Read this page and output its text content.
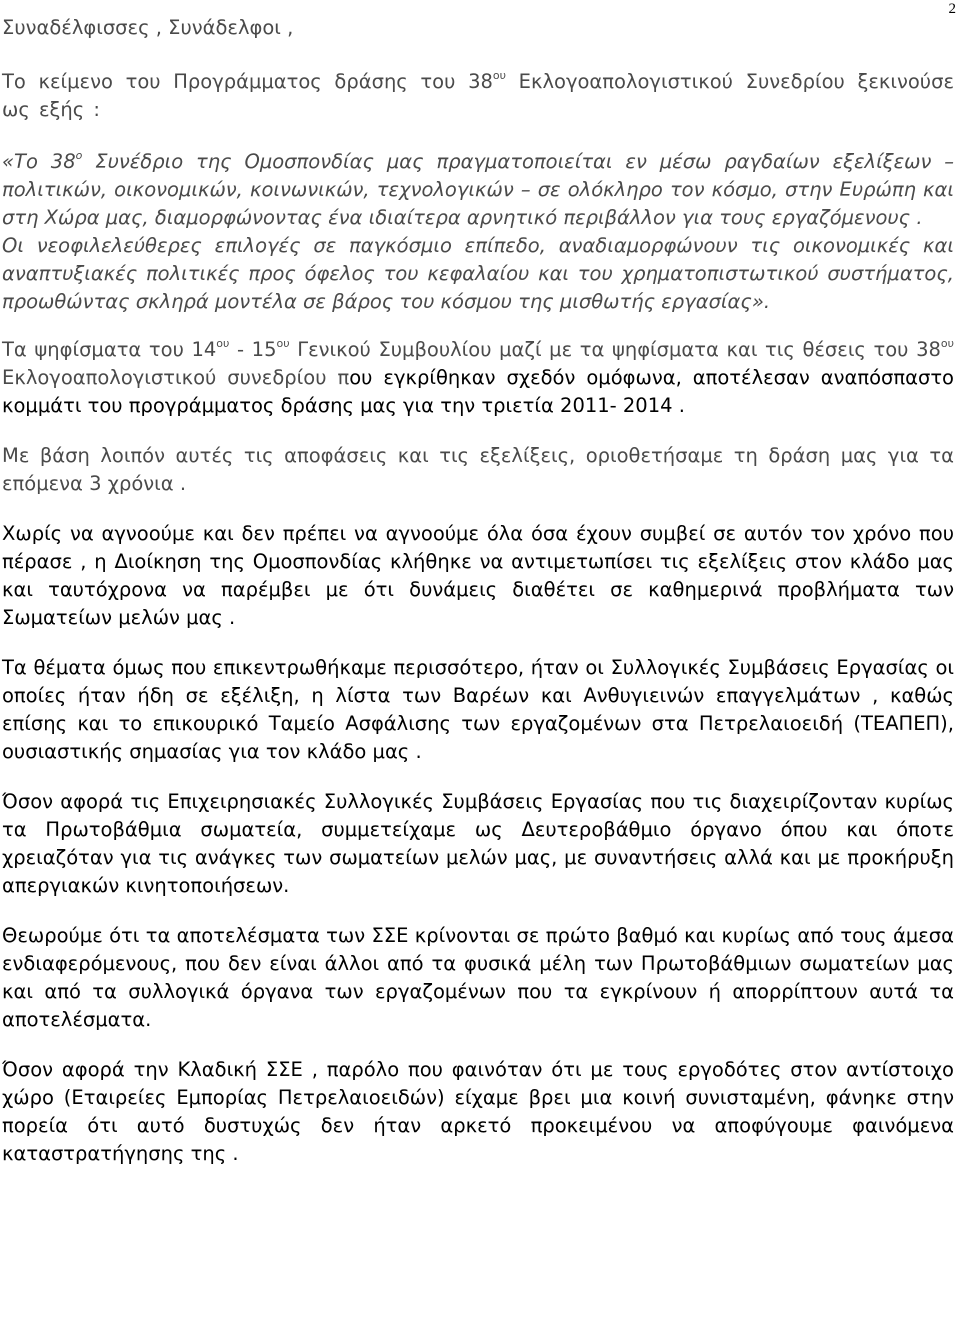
2

Συναδέλφισσες , Συνάδελφοι ,

Το κείμενο του Προγράμματος δράσης του $38^{o\upsilon}$ Εκλογοαπολογιστικού Συνεδρίου ξεκινούσε ως εξής :

«Το $38^o$ Συνέδριο της Ομοσπονδίας μας πραγματοποιείται εν μέσω ραγδαίων εξελίξεων – πολιτικών, οικονομικών, κοινωνικών, τεχνολογικών – σε ολόκληρο τον κόσμο, στην Ευρώπη και στη Χώρα μας, διαμορφώνοντας ένα ιδιαίτερα αρνητικό περιβάλλον για τους εργαζόμενους .

Οι νεοφιλελεύθερες επιλογές σε παγκόσμιο επίπεδο, αναδιαμορφώνουν τις οικονομικές και αναπτυξιακές πολιτικές προς όφελος του κεφαλαίου και του χρηματοπιστωτικού συστήματος, προωθώντας σκληρά μοντέλα σε βάρος του κόσμου της μισθωτής εργασίας».

Τα ψηφίσματα του $14^{o\upsilon} - 15^{o\upsilon}$ Γενικού Συμβουλίου μαζί με τα ψηφίσματα και τις θέσεις του $38^{o\upsilon}$ Εκλογοαπολογιστικού συνεδρίου που εγκρίθηκαν σχεδόν ομόφωνα, αποτέλεσαν αναπόσπαστο κομμάτι του προγράμματος δράσης μας για την τριετία 2011- 2014 .

Με βάση λοιπόν αυτές τις αποφάσεις και τις εξελίξεις, οριοθετήσαμε τη δράση μας για τα επόμενα 3 χρόνια .

Χωρίς να αγνοούμε και δεν πρέπει να αγνοούμε όλα όσα έχουν συμβεί σε αυτόν τον χρόνο που πέρασε , η Διοίκηση της Ομοσπονδίας κλήθηκε να αντιμετωπίσει τις εξελίξεις στον κλάδο μας και ταυτόχρονα να παρέμβει με ότι δυνάμεις διαθέτει σε καθημερινά προβλήματα των Σωματείων μελών μας .

Τα θέματα όμως που επικεντρωθήκαμε περισσότερο, ήταν οι Συλλογικές Συμβάσεις Εργασίας οι οποίες ήταν ήδη σε εξέλιξη, η λίστα των Βαρέων και Ανθυγιεινών επαγγελμάτων , καθώς επίσης και το επικουρικό Ταμείο Ασφάλισης των εργαζομένων στα Πετρελαιοειδή (ΤΕΑΠΕΠ), ουσιαστικής σημασίας για τον κλάδο μας .

Όσον αφορά τις Επιχειρησιακές Συλλογικές Συμβάσεις Εργασίας που τις διαχειρίζονταν κυρίως τα Πρωτοβάθμια σωματεία, συμμετείχαμε ως Δευτεροβάθμιο όργανο όπου και όποτε χρειαζόταν για τις ανάγκες των σωματείων μελών μας, με συναντήσεις αλλά και με προκήρυξη απεργιακών κινητοποιήσεων.

Θεωρούμε ότι τα αποτελέσματα των ΣΣΕ κρίνονται σε πρώτο βαθμό και κυρίως από τους άμεσα ενδιαφερόμενους, που δεν είναι άλλοι από τα φυσικά μέλη των Πρωτοβάθμιων σωματείων μας και από τα συλλογικά όργανα των εργαζομένων που τα εγκρίνουν ή απορρίπτουν αυτά τα αποτελέσματα.

Όσον αφορά την Κλαδική ΣΣΕ , παρόλο που φαινόταν ότι με τους εργοδότες στον αντίστοιχο χώρο (Εταιρείες Εμπορίας Πετρελαιοειδών) είχαμε βρει μια κοινή συνισταμένη, φάνηκε στην πορεία ότι αυτό δυστυχώς δεν ήταν αρκετό προκειμένου να αποφύγουμε φαινόμενα καταστρατήγησης της .
